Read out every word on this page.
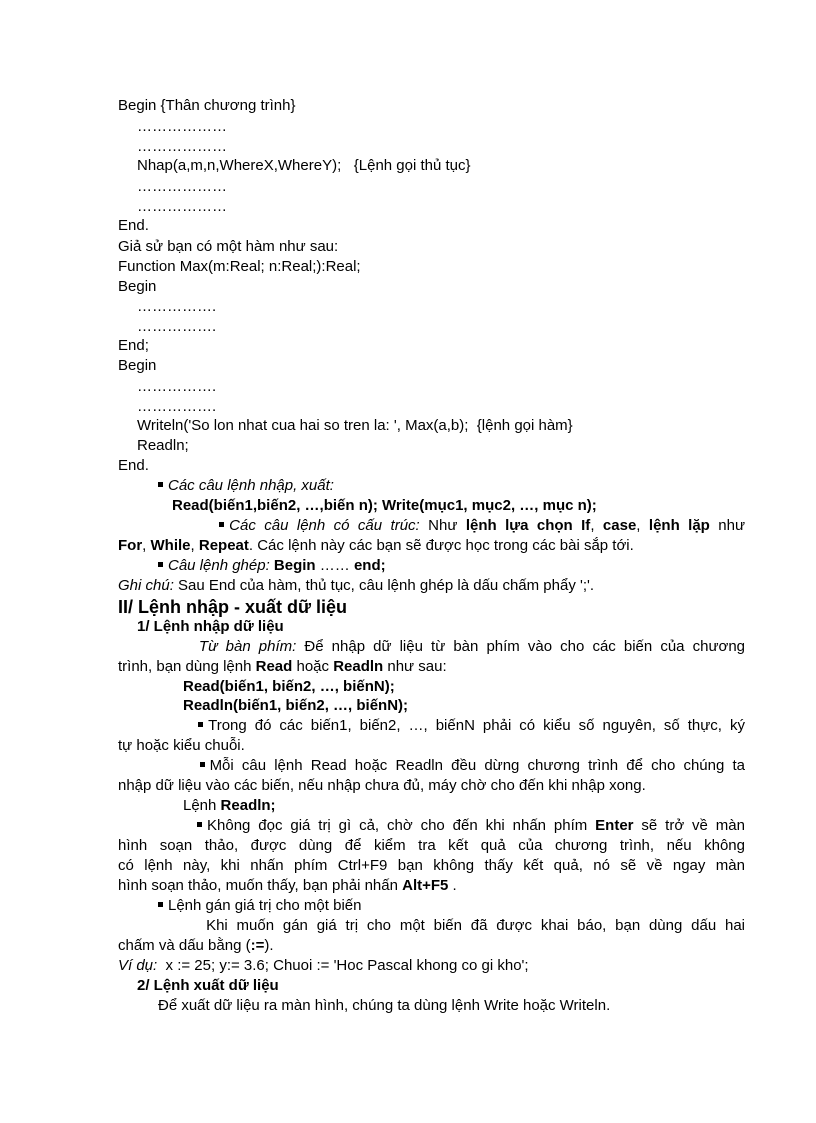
Begin {Thân chương trình}
………………
………………
Nhap(a,m,n,WhereX,WhereY); {Lệnh gọi thủ tục}
………………
………………
End.
Giả sử bạn có một hàm như sau:
Function Max(m:Real; n:Real;):Real;
Begin
…………….
…………….
End;
Begin
…………….
…………….
Writeln('So lon nhat cua hai so tren la: ', Max(a,b); {lệnh gọi hàm}
Readln;
End.
Các câu lệnh nhập, xuất:
Read(biến1,biến2, …,biến n); Write(mục1, mục2, …, mục n);
Các câu lệnh có cấu trúc: Như lệnh lựa chọn If, case, lệnh lặp như
For, While, Repeat. Các lệnh này các bạn sẽ được học trong các bài sắp tới.
Câu lệnh ghép: Begin …… end;
Ghi chú: Sau End của hàm, thủ tục, câu lệnh ghép là dấu chấm phẩy ';'.
II/ Lệnh nhập - xuất dữ liệu
1/ Lệnh nhập dữ liệu
Từ bàn phím: Để nhập dữ liệu từ bàn phím vào cho các biến của chương
trình, bạn dùng lệnh Read hoặc Readln như sau:
Read(biến1, biến2, …, biếnN);
Readln(biến1, biến2, …, biếnN);
Trong đó các biến1, biến2, …, biếnN phải có kiểu số nguyên, số thực, ký
tự hoặc kiểu chuỗi.
Mỗi câu lệnh Read hoặc Readln đều dừng chương trình để cho chúng ta
nhập dữ liệu vào các biến, nếu nhập chưa đủ, máy chờ cho đến khi nhập xong.
Lệnh Readln;
Không đọc giá trị gì cả, chờ cho đến khi nhấn phím Enter sẽ trở về màn
hình soạn thảo, được dùng để kiểm tra kết quả của chương trình, nếu không
có lệnh này, khi nhấn phím Ctrl+F9 bạn không thấy kết quả, nó sẽ về ngay màn
hình soạn thảo, muốn thấy, bạn phải nhấn Alt+F5 .
Lệnh gán giá trị cho một biến
Khi muốn gán giá trị cho một biến đã được khai báo, bạn dùng dấu hai
chấm và dấu bằng (:=).
Ví dụ: x := 25; y:= 3.6; Chuoi := 'Hoc Pascal khong co gi kho';
2/ Lệnh xuất dữ liệu
Để xuất dữ liệu ra màn hình, chúng ta dùng lệnh Write hoặc Writeln.
